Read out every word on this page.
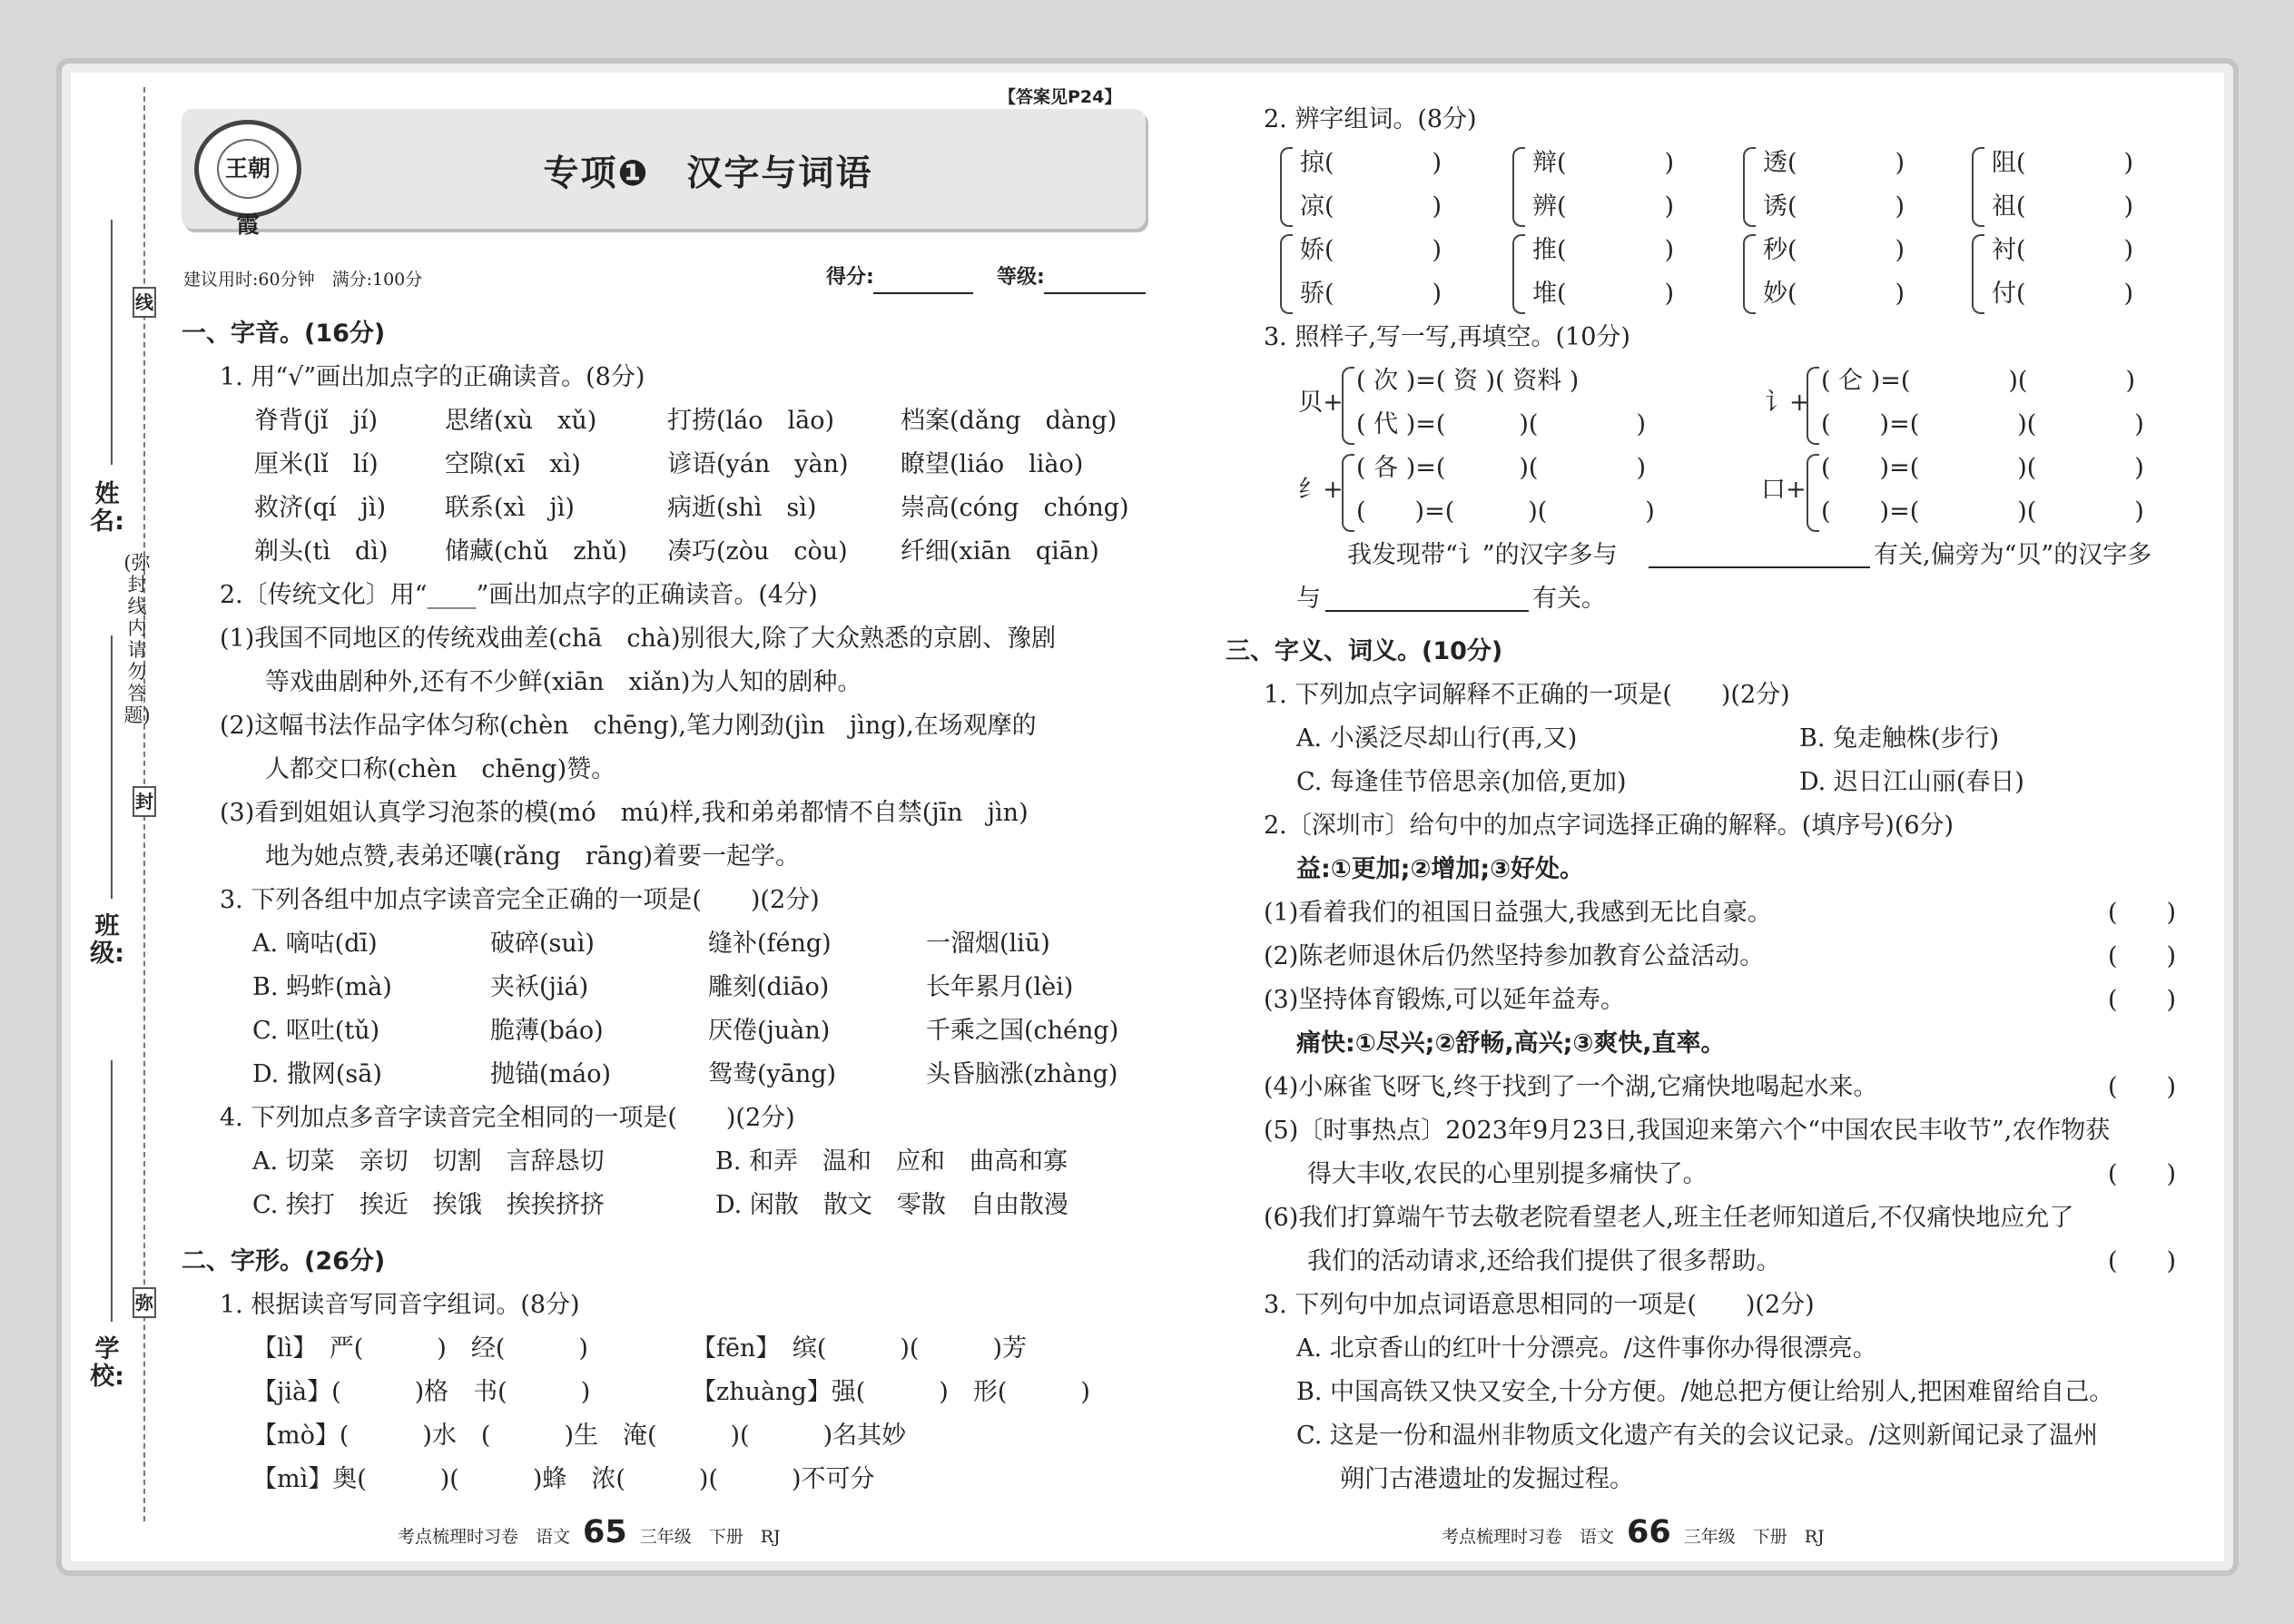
线
封
弥
(弥封线内请勿答题)
姓名:
班级:
学校:
【答案见P24】
王朝霞
专项❶　汉字与词语
建议用时:60分钟　满分:100分	得分:	等级:
一、字音。(16分)
1. 用“√”画出加点字的正确读音。(8分)
脊背(jǐ　jí)	思绪(xù　xǔ)	打捞(láo　lāo)	档案(dǎng　dàng)
厘米(lǐ　lí)	空隙(xī　xì)	谚语(yán　yàn) 瞭望(liáo　liào)
救济(qí　jì) 联系(xì　jì)	病逝(shì　sì)	崇高(cóng　chóng)
剃头(tì　dì) 储藏(chǔ　zhǔ) 凑巧(zòu　còu) 纤细(xiān　qiān)
2.〔传统文化〕用“____”画出加点字的正确读音。(4分)
(1)我国不同地区的传统戏曲差(chā　chà)别很大,除了大众熟悉的京剧、豫剧
等戏曲剧种外,还有不少鲜(xiān　xiǎn)为人知的剧种。
(2)这幅书法作品字体匀称(chèn　chēng),笔力刚劲(jìn　jìng),在场观摩的
人都交口称(chèn　chēng)赞。
(3)看到姐姐认真学习泡茶的模(mó　mú)样,我和弟弟都情不自禁(jīn　jìn)
地为她点赞,表弟还嚷(rǎng　rāng)着要一起学。
3. 下列各组中加点字读音完全正确的一项是(　　)(2分)
A. 嘀咕(dī)	破碎(suì)	缝补(féng)	一溜烟(liū)
B. 蚂蚱(mà)	夹袄(jiá)	雕刻(diāo)	长年累月(lèi)
C. 呕吐(tǔ)	脆薄(báo)	厌倦(juàn)	千乘之国(chéng)
D. 撒网(sā)	抛锚(máo)	鸳鸯(yāng)	头昏脑涨(zhàng)
4. 下列加点多音字读音完全相同的一项是(　　)(2分)
A. 切菜　亲切　切割　言辞恳切	B. 和弄　温和　应和　曲高和寡
C. 挨打　挨近　挨饿　挨挨挤挤	D. 闲散　散文　零散　自由散漫
二、字形。(26分)
1. 根据读音写同音字组词。(8分)
【lì】　严(　　　)　经(　　　)	【fēn】　缤(　　　)(　　　)芳
【jià】(　　　)格　书(　　　)	【zhuàng】强(　　　)　形(　　　)
【mò】(　　　)水　(　　　)生　淹(　　　)(　　　)名其妙
【mì】奥(　　　)(　　　)蜂　浓(　　　)(　　　)不可分
2. 辨字组词。(8分)
掠(　　　　)	辩(　　　　)	透(　　　　)	阻(　　　　)
凉(　　　　)	辨(　　　　)	诱(　　　　)	祖(　　　　)
娇(　　　　)	推(　　　　)	秒(　　　　)	衬(　　　　)
骄(　　　　)	堆(　　　　)	妙(　　　　)	付(　　　　)
3. 照样子,写一写,再填空。(10分)
贝+
( 次 )=( 资 )( 资料 )
( 代 )=(　　　)(　　　　)
讠+
( 仑 )=(　　　　)(　　　　)
(　　)=(　　　　)(　　　　)
纟+
( 各 )=(　　　)(　　　　)
(　　)=(　　　)(　　　　)
口+
(　　)=(　　　　)(　　　　)
(　　)=(　　　　)(　　　　)
我发现带“讠”的汉字多与	有关,偏旁为“贝”的汉字多
与	有关。
三、字义、词义。(10分)
1. 下列加点字词解释不正确的一项是(　　)(2分)
A. 小溪泛尽却山行(再,又)	B. 兔走触株(步行)
C. 每逢佳节倍思亲(加倍,更加)	D. 迟日江山丽(春日)
2.〔深圳市〕给句中的加点字词选择正确的解释。(填序号)(6分)
益:①更加;②增加;③好处。
(1)看着我们的祖国日益强大,我感到无比自豪。	(　　)
(2)陈老师退休后仍然坚持参加教育公益活动。	(　　)
(3)坚持体育锻炼,可以延年益寿。	(　　)
痛快:①尽兴;②舒畅,高兴;③爽快,直率。
(4)小麻雀飞呀飞,终于找到了一个湖,它痛快地喝起水来。	(　　)
(5)〔时事热点〕2023年9月23日,我国迎来第六个“中国农民丰收节”,农作物获
得大丰收,农民的心里别提多痛快了。	(　　)
(6)我们打算端午节去敬老院看望老人,班主任老师知道后,不仅痛快地应允了
我们的活动请求,还给我们提供了很多帮助。	(　　)
3. 下列句中加点词语意思相同的一项是(　　)(2分)
A. 北京香山的红叶十分漂亮。/这件事你办得很漂亮。
B. 中国高铁又快又安全,十分方便。/她总把方便让给别人,把困难留给自己。
C. 这是一份和温州非物质文化遗产有关的会议记录。/这则新闻记录了温州
朔门古港遗址的发掘过程。
考点梳理时习卷　语文 65 三年级　下册　RJ	考点梳理时习卷　语文 66 三年级　下册　RJ
